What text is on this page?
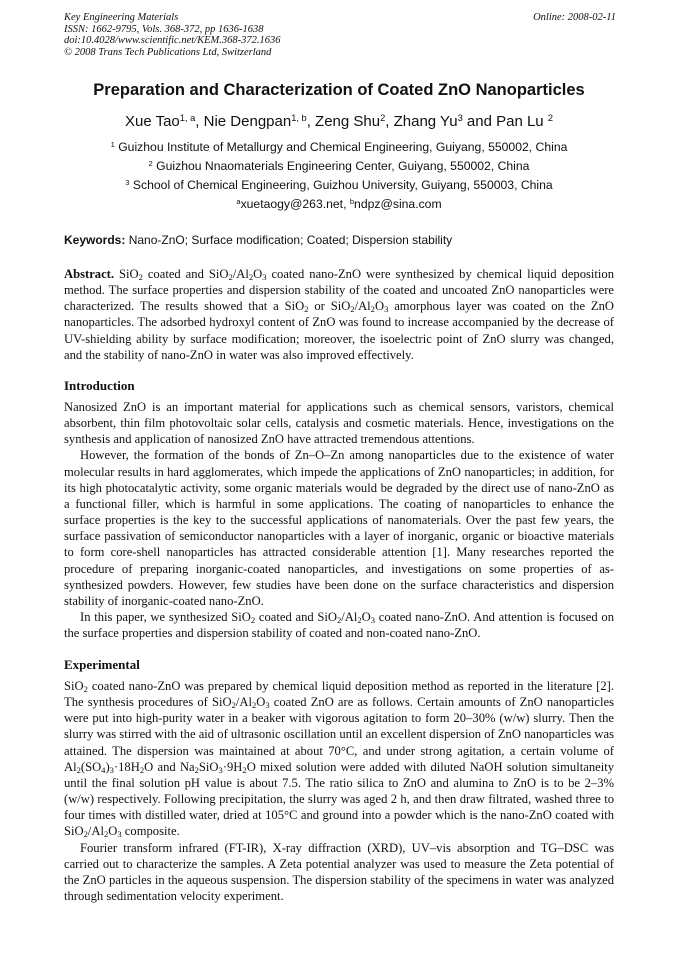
Key Engineering Materials
ISSN: 1662-9795, Vols. 368-372, pp 1636-1638
doi:10.4028/www.scientific.net/KEM.368-372.1636
© 2008 Trans Tech Publications Ltd, Switzerland
Online: 2008-02-11
Preparation and Characterization of Coated ZnO Nanoparticles
Xue Tao$^{1, a}$, Nie Dengpan$^{1, b}$, Zeng Shu$^2$, Zhang Yu$^3$ and Pan Lu $^2$
$^1$ Guizhou Institute of Metallurgy and Chemical Engineering, Guiyang, 550002, China
$^2$ Guizhou Nnaomaterials Engineering Center, Guiyang, 550002, China
$^3$ School of Chemical Engineering, Guizhou University, Guiyang, 550003, China
$^a$xuetaogy@263.net, $^b$ndpz@sina.com
Keywords: Nano-ZnO; Surface modification; Coated; Dispersion stability

Abstract. SiO$_2$ coated and $SiO_2/Al_2O_3$ coated nano-ZnO were synthesized by chemical liquid deposition method. The surface properties and dispersion stability of the coated and uncoated ZnO nanoparticles were characterized. The results showed that a SiO$_2$ or $SiO_2/Al_2O_3$ amorphous layer was coated on the ZnO nanoparticles. The adsorbed hydroxyl content of ZnO was found to increase accompanied by the decrease of UV-shielding ability by surface modification; moreover, the isoelectric point of ZnO slurry was changed, and the stability of nano-ZnO in water was also improved effectively.

Introduction

Nanosized ZnO is an important material for applications such as chemical sensors, varistors, chemical absorbent, thin film photovoltaic solar cells, catalysis and cosmetic materials. Hence, investigations on the synthesis and application of nanosized ZnO have attracted tremendous attentions.

However, the formation of the bonds of Zn–O–Zn among nanoparticles due to the existence of water molecular results in hard agglomerates, which impede the applications of ZnO nanoparticles; in addition, for its high photocatalytic activity, some organic materials would be degraded by the direct use of nano-ZnO as a functional filler, which is harmful in some applications. The coating of nanoparticles to enhance the surface properties is the key to the successful applications of nanomaterials. Over the past few years, the surface passivation of semiconductor nanoparticles with a layer of inorganic, organic or bioactive materials to form core-shell nanoparticles has attracted considerable attention [1]. Many researches reported the procedure of preparing inorganic-coated nanoparticles, and investigations on some properties of as-synthesized powders. However, few studies have been done on the surface characteristics and dispersion stability of inorganic-coated nano-ZnO.

In this paper, we synthesized SiO$_2$ coated and $SiO_2/Al_2O_3$ coated nano-ZnO. And attention is focused on the surface properties and dispersion stability of coated and non-coated nano-ZnO.

Experimental

SiO$_2$ coated nano-ZnO was prepared by chemical liquid deposition method as reported in the literature [2]. The synthesis procedures of $SiO_2/Al_2O_3$ coated ZnO are as follows. Certain amounts of ZnO nanoparticles were put into high-purity water in a beaker with vigorous agitation to form 20–30% (w/w) slurry. Then the slurry was stirred with the aid of ultrasonic oscillation until an excellent dispersion of ZnO nanoparticles was attained. The dispersion was maintained at about 70°C, and under strong agitation, a certain volume of $Al_2(SO_4)_3\cdot 18H_2O$ and $Na_2SiO_3\cdot 9H_2O$ mixed solution were added with diluted NaOH solution simultaneity until the final solution pH value is about 7.5. The ratio silica to ZnO and alumina to ZnO is to be 2–3% (w/w) respectively. Following precipitation, the slurry was aged 2 h, and then draw filtrated, washed three to four times with distilled water, dried at 105°C and ground into a powder which is the nano-ZnO coated with $SiO_2/Al_2O_3$ composite.

Fourier transform infrared (FT-IR), X-ray diffraction (XRD), UV–vis absorption and TG–DSC was carried out to characterize the samples. A Zeta potential analyzer was used to measure the Zeta potential of the ZnO particles in the aqueous suspension. The dispersion stability of the specimens in water was analyzed through sedimentation velocity experiment.
